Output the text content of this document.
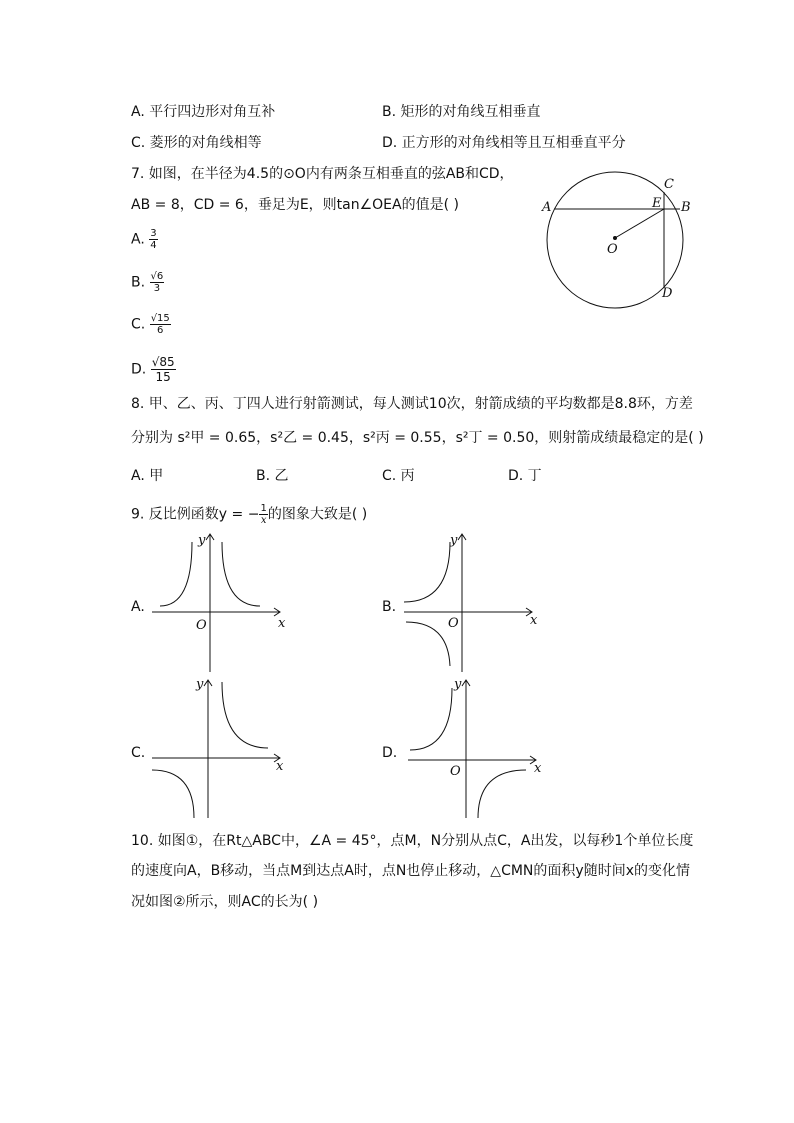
A. 平行四边形对角互补	B. 矩形的对角线互相垂直
C. 菱形的对角线相等	D. 正方形的对角线相等且互相垂直平分
7. 如图，在半径为4.5的⊙O内有两条互相垂直的弦AB和CD，
AB = 8，CD = 6，垂足为E，则tan∠OEA的值是( )
A. $\frac{3}{4}$
B. $\frac{√6}{3}$
C. $\frac{√15}{6}$
D. $\frac{√85}{15}$
A	B
C
D
E
O
8. 甲、乙、丙、丁四人进行射箭测试，每人测试10次，射箭成绩的平均数都是8.8环，方差
分别为 s²甲 = 0.65，s²乙 = 0.45，s²丙 = 0.55，s²丁 = 0.50，则射箭成绩最稳定的是( )
A. 甲	B. 乙	C. 丙	D. 丁
9. 反比例函数y = − $\frac{1}{x}$ 的图象大致是( )
A.	B.
C.	D.
x
y
O	x
y
O
x
y
x
y
O
10. 如图①，在Rt△ABC中，∠A = 45°，点M，N分别从点C，A出发，以每秒1个单位长度
的速度向A，B移动，当点M到达点A时，点N也停止移动，△CMN的面积y随时间x的变化情
况如图②所示，则AC的长为( )
